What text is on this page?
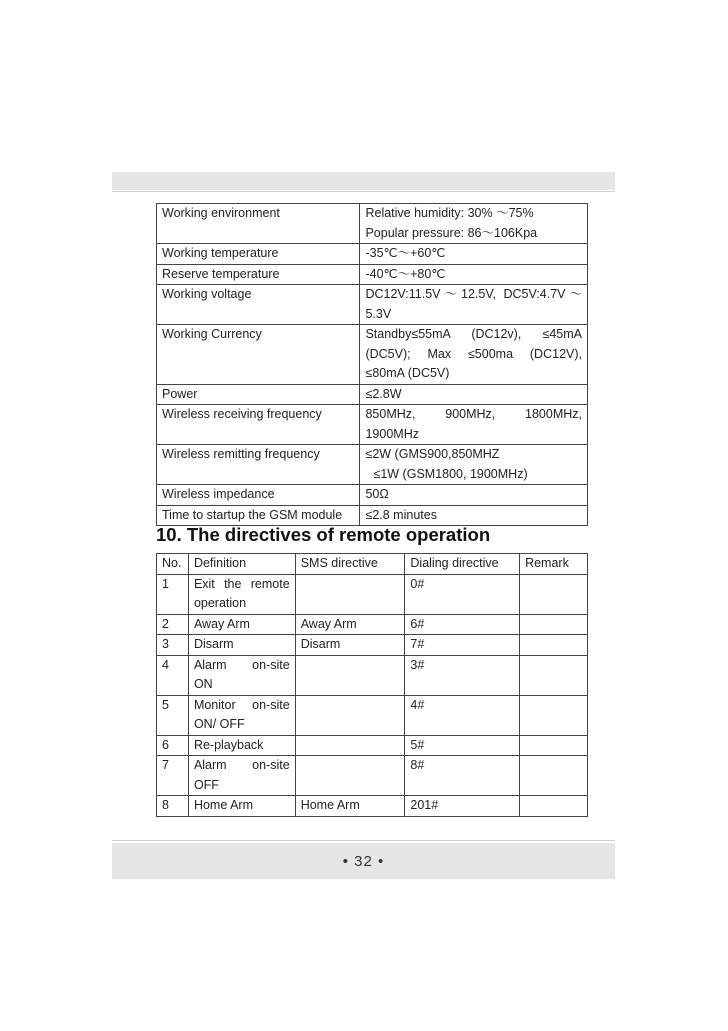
Working environment	Relative humidity: 30% ～75%
Popular pressure: 86～106Kpa

Working temperature	-35℃～+60℃

Reserve temperature	-40℃～+80℃

Working voltage	DC12V:11.5V～12.5V, DC5V:4.7V～5.3V

Working Currency	Standby≤55mA (DC12v), ≤45mA (DC5V); Max ≤500ma (DC12V), ≤80mA (DC5V)

Power	≤2.8W

Wireless receiving frequency	850MHz, 900MHz, 1800MHz, 1900MHz

Wireless remitting frequency	≤2W (GMS900,850MHZ
≤1W (GSM1800, 1900MHz)

Wireless impedance	50Ω

Time to startup the GSM module	≤2.8 minutes
10. The directives of remote operation
No.	Definition	SMS directive	Dialing directive	Remark
1	Exit the remote operation		0#	
2	Away Arm	Away Arm	6#	
3	Disarm	Disarm	7#	
4	Alarm on-site ON		3#	
5	Monitor on-site ON/ OFF		4#	
6	Re-playback		5#	
7	Alarm on-site OFF		8#	
8	Home Arm	Home Arm	201#	
• 32 •
